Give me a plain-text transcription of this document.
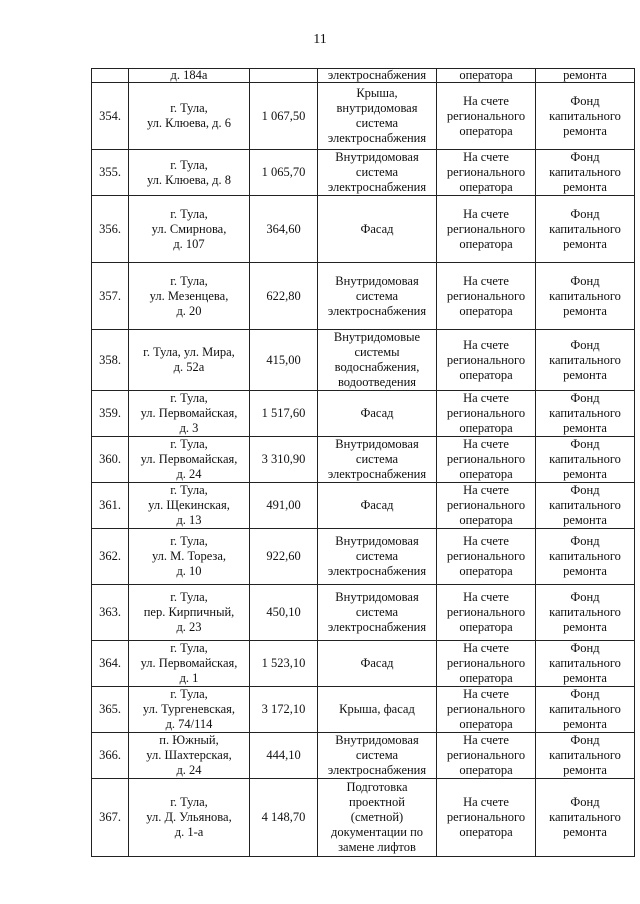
11
	д. 184а		электроснабжения	оператора	ремонта
354.	г. Тула,
ул. Клюева, д. 6	1 067,50	Крыша,
внутридомовая
система
электроснабжения	На счете
регионального
оператора	Фонд
капитального
ремонта
355.	г. Тула,
ул. Клюева, д. 8	1 065,70	Внутридомовая
система
электроснабжения	На счете
регионального
оператора	Фонд
капитального
ремонта
356.	г. Тула,
ул. Смирнова,
д. 107	364,60	Фасад	На счете
регионального
оператора	Фонд
капитального
ремонта
357.	г. Тула,
ул. Мезенцева,
д. 20	622,80	Внутридомовая
система
электроснабжения	На счете
регионального
оператора	Фонд
капитального
ремонта
358.	г. Тула, ул. Мира,
д. 52а	415,00	Внутридомовые
системы
водоснабжения,
водоотведения	На счете
регионального
оператора	Фонд
капитального
ремонта
359.	г. Тула,
ул. Первомайская,
д. 3	1 517,60	Фасад	На счете
регионального
оператора	Фонд
капитального
ремонта
360.	г. Тула,
ул. Первомайская,
д. 24	3 310,90	Внутридомовая
система
электроснабжения	На счете
регионального
оператора	Фонд
капитального
ремонта
361.	г. Тула,
ул. Щекинская,
д. 13	491,00	Фасад	На счете
регионального
оператора	Фонд
капитального
ремонта
362.	г. Тула,
ул. М. Тореза,
д. 10	922,60	Внутридомовая
система
электроснабжения	На счете
регионального
оператора	Фонд
капитального
ремонта
363.	г. Тула,
пер. Кирпичный,
д. 23	450,10	Внутридомовая
система
электроснабжения	На счете
регионального
оператора	Фонд
капитального
ремонта
364.	г. Тула,
ул. Первомайская,
д. 1	1 523,10	Фасад	На счете
регионального
оператора	Фонд
капитального
ремонта
365.	г. Тула,
ул. Тургеневская,
д. 74/114	3 172,10	Крыша, фасад	На счете
регионального
оператора	Фонд
капитального
ремонта
366.	п. Южный,
ул. Шахтерская,
д. 24	444,10	Внутридомовая
система
электроснабжения	На счете
регионального
оператора	Фонд
капитального
ремонта
367.	г. Тула,
ул. Д. Ульянова,
д. 1-а	4 148,70	Подготовка
проектной
(сметной)
документации по
замене лифтов	На счете
регионального
оператора	Фонд
капитального
ремонта
